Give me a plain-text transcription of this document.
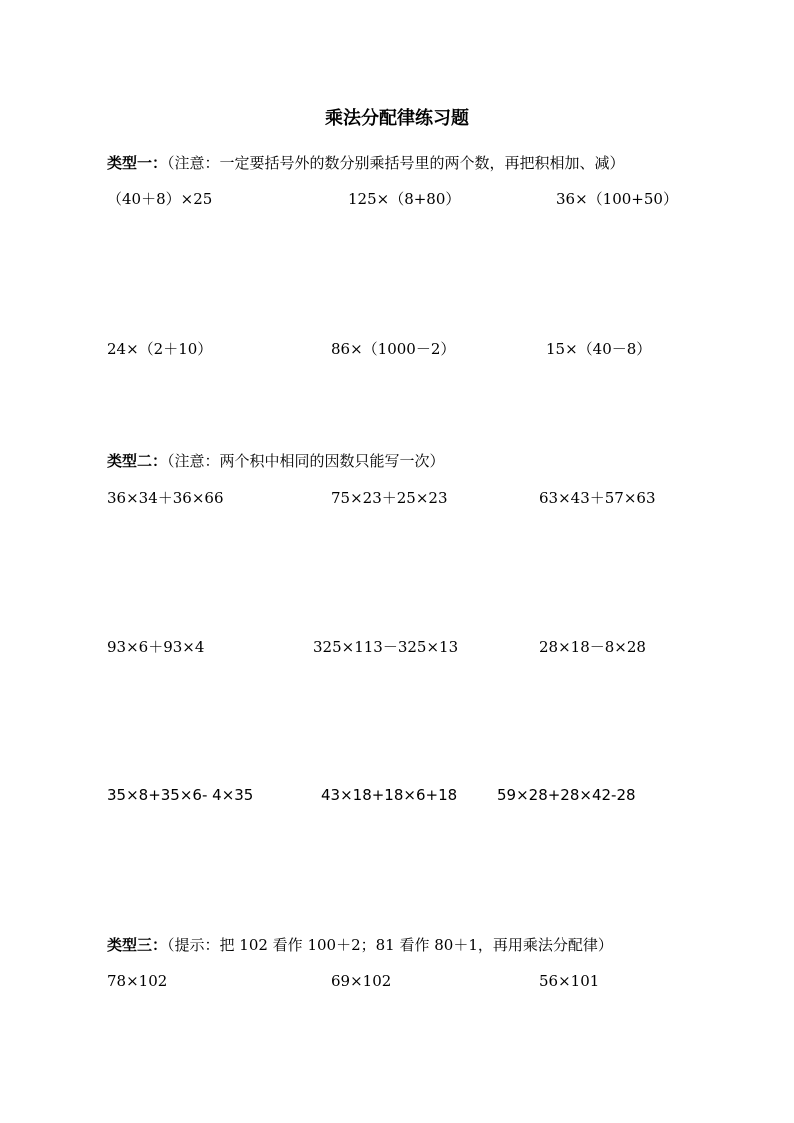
乘法分配律练习题
类型一：（注意：一定要括号外的数分别乘括号里的两个数，再把积相加、减）
（40＋8）×25	125×（8+80）	36×（100+50）
24×（2＋10）	86×（1000－2）	15×（40－8）
类型二：（注意：两个积中相同的因数只能写一次）
36×34＋36×66	75×23＋25×23	63×43＋57×63
93×6＋93×4	325×113－325×13	28×18－8×28
35×8+35×6- 4×35	43×18+18×6+18	59×28+28×42-28
类型三：（提示：把 102 看作 100＋2；81 看作 80＋1，再用乘法分配律）
78×102	69×102	56×101
